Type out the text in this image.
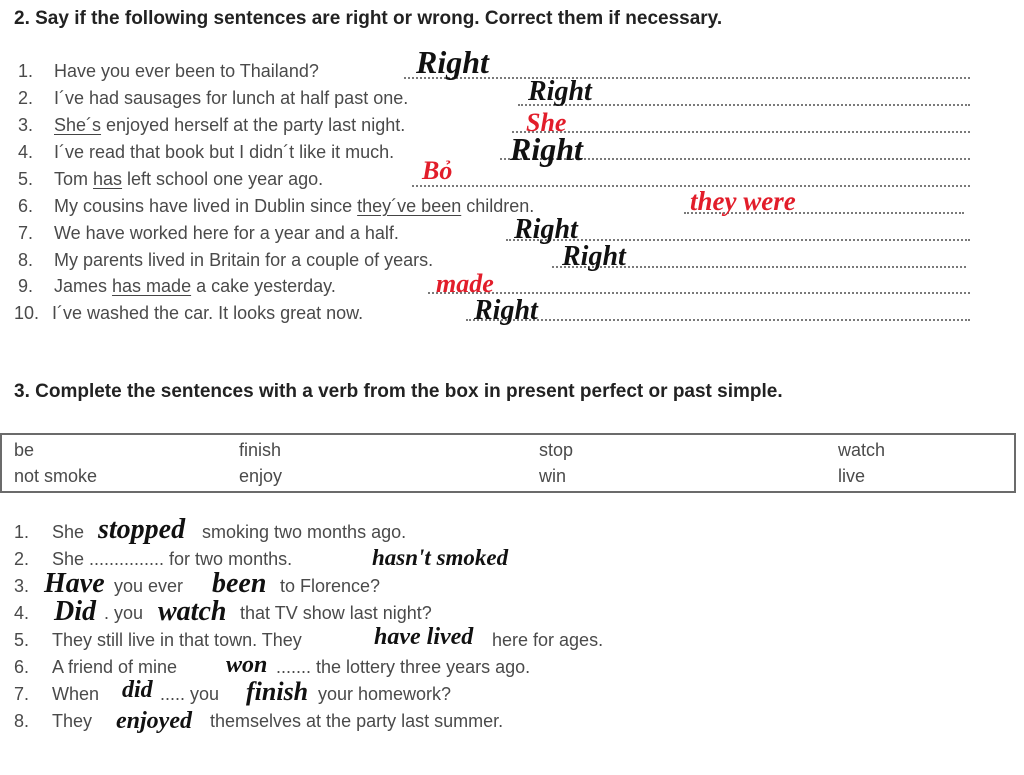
2. Say if the following sentences are right or wrong. Correct them if necessary.
1. Have you ever been to Thailand?	Right
2. I´ve had sausages for lunch at half past one.	Right
3. She´s enjoyed herself at the party last night.	She
4. I´ve read that book but I didn´t like it much.	Right
5. Tom has left school one year ago.	Bỏ
6. My cousins have lived in Dublin since they´ve been children.	they were
7. We have worked here for a year and a half.	Right
8. My parents lived in Britain for a couple of years.	Right
9. James has made a cake yesterday.	made
10. I´ve washed the car. It looks great now.	Right
3. Complete the sentences with a verb from the box in present perfect or past simple.
be	finish	stop	watch
not smoke	enjoy	win	live
1.	She stopped smoking two months ago.
2.	She ............... for two months.	hasn't smoked
3. Have you ever been to Florence?
4. Did . you watch that TV show last night?
5.	They still live in that town. They	have lived here for ages.
6.	A friend of mine won ....... the lottery three years ago.
7.	When did ..... you finish your homework?
8.	They enjoyed themselves at the party last summer.
